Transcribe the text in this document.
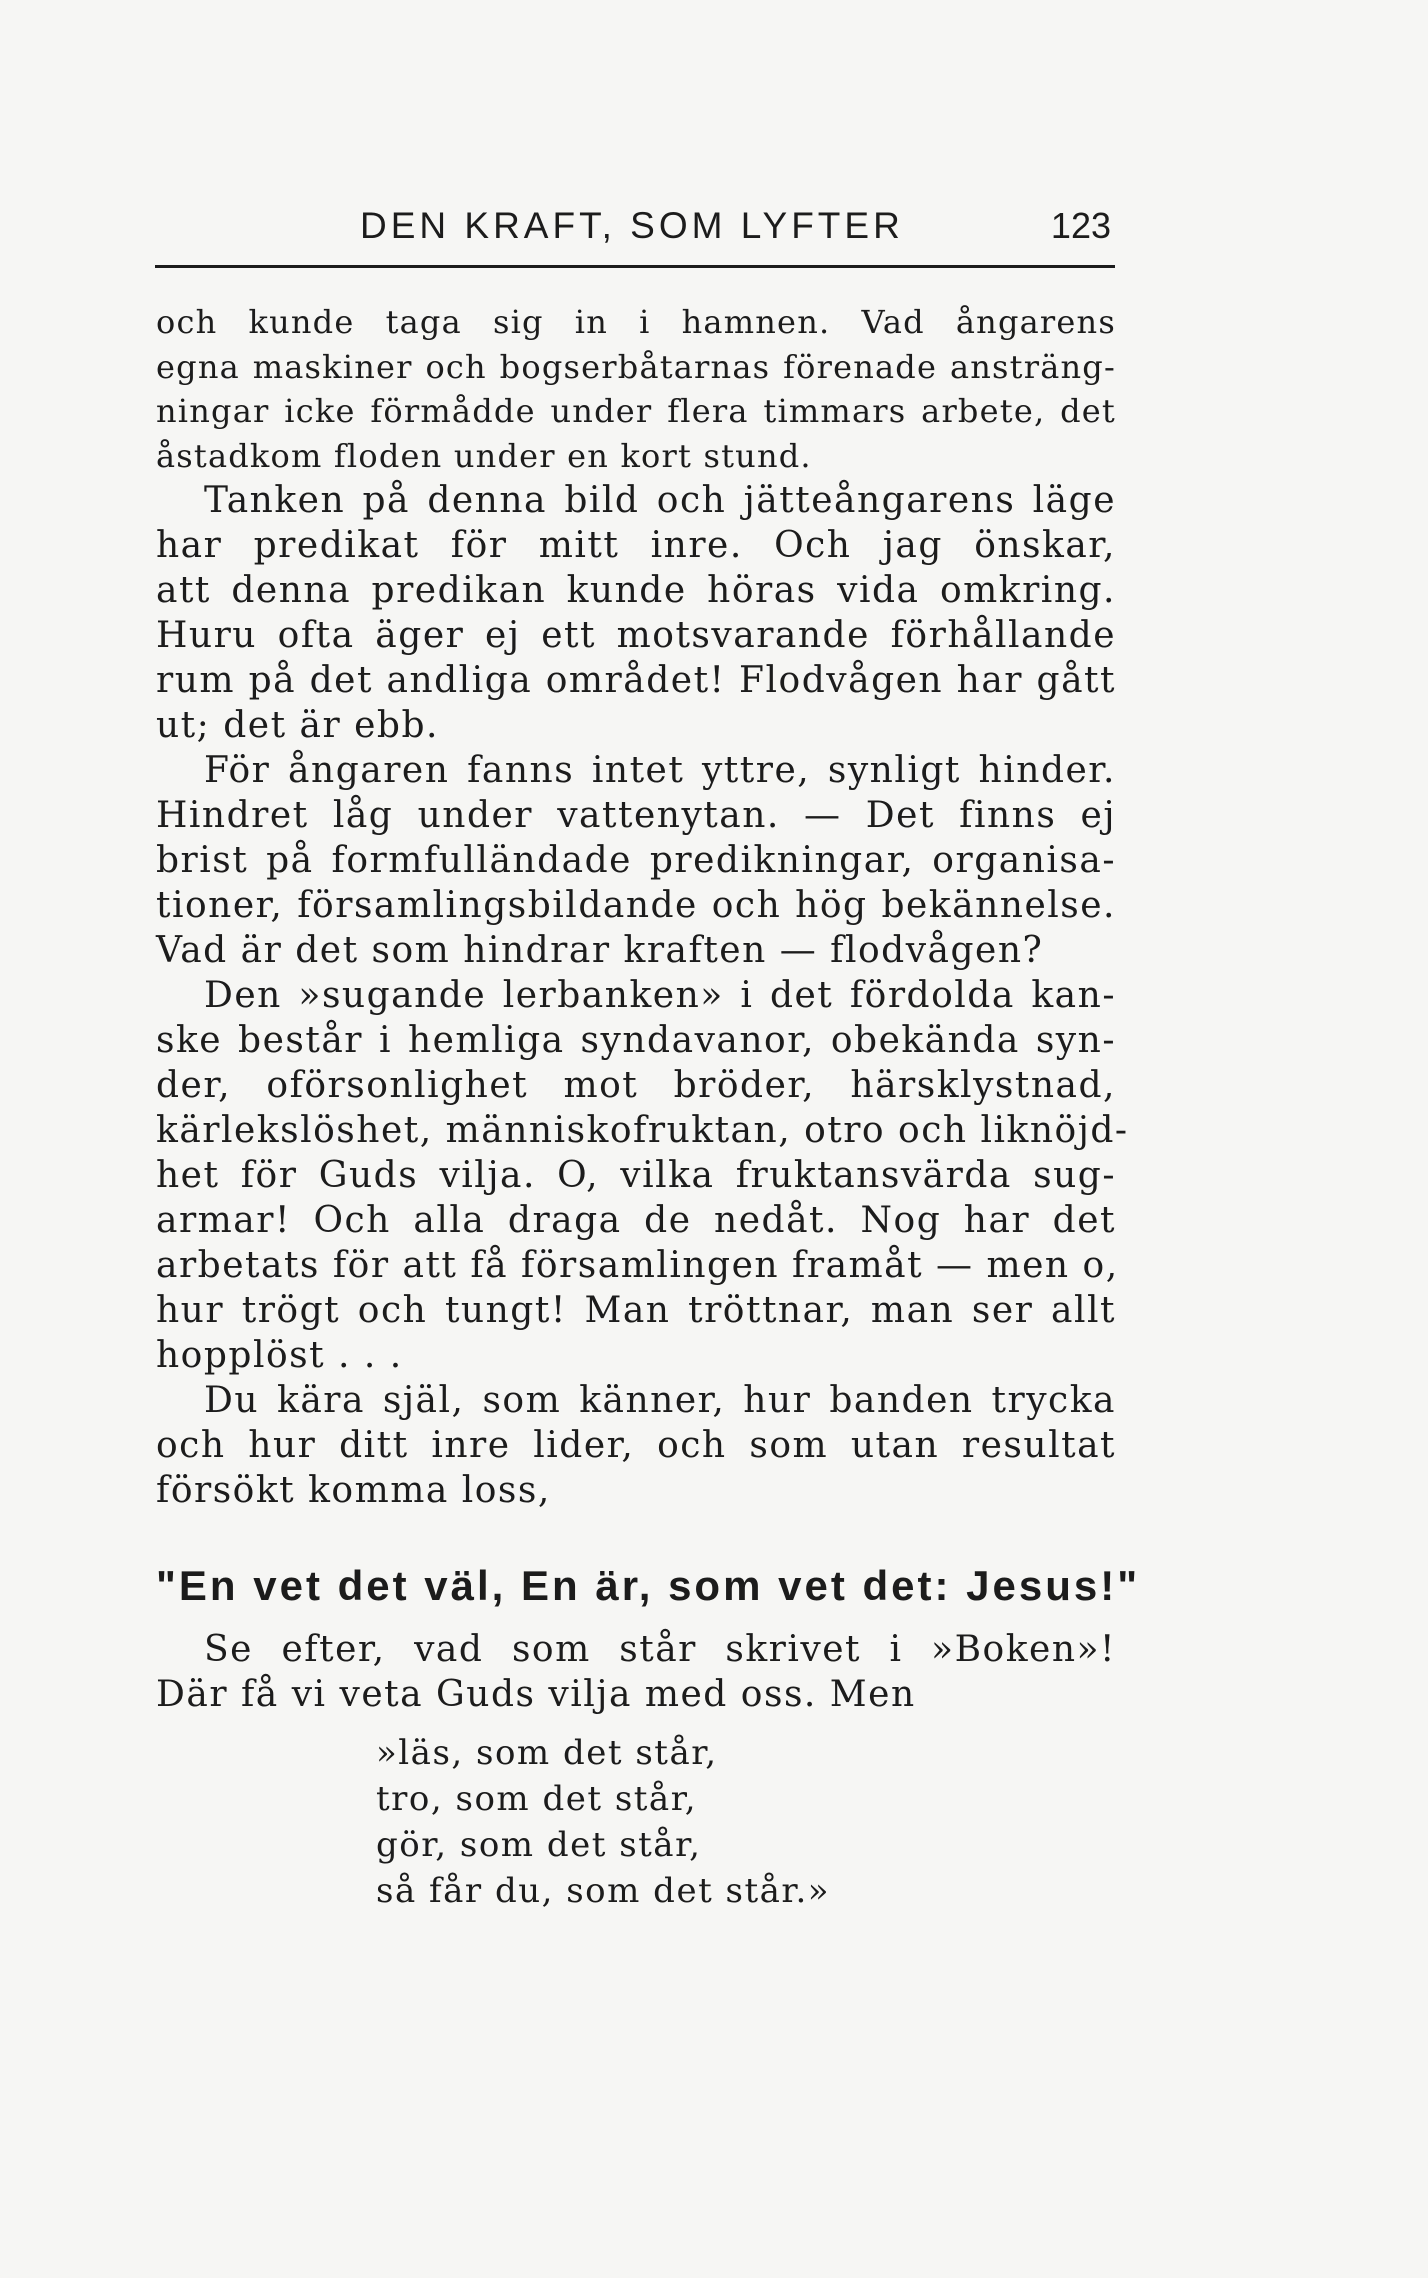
DEN KRAFT, SOM LYFTER	123
och kunde taga sig in i hamnen. Vad ångarens
egna maskiner och bogserbåtarnas förenade ansträng-
ningar icke förmådde under flera timmars arbete, det
åstadkom floden under en kort stund.
Tanken på denna bild och jätteångarens läge
har predikat för mitt inre. Och jag önskar,
att denna predikan kunde höras vida omkring.
Huru ofta äger ej ett motsvarande förhållande
rum på det andliga området! Flodvågen har gått
ut; det är ebb.
För ångaren fanns intet yttre, synligt hinder.
Hindret låg under vattenytan. — Det finns ej
brist på formfulländade predikningar, organisa-
tioner, församlingsbildande och hög bekännelse.
Vad är det som hindrar kraften — flodvågen?
Den »sugande lerbanken» i det fördolda kan-
ske består i hemliga syndavanor, obekända syn-
der, oförsonlighet mot bröder, härsklystnad,
kärlekslöshet, människofruktan, otro och liknöjd-
het för Guds vilja. O, vilka fruktansvärda sug-
armar! Och alla draga de nedåt. Nog har det
arbetats för att få församlingen framåt — men o,
hur trögt och tungt! Man tröttnar, man ser allt
hopplöst . . .
Du kära själ, som känner, hur banden trycka
och hur ditt inre lider, och som utan resultat
försökt komma loss,
"En vet det väl, En är, som vet det: Jesus!"
Se efter, vad som står skrivet i »Boken»!
Där få vi veta Guds vilja med oss. Men
»läs, som det står,
tro, som det står,
gör, som det står,
så får du, som det står.»
